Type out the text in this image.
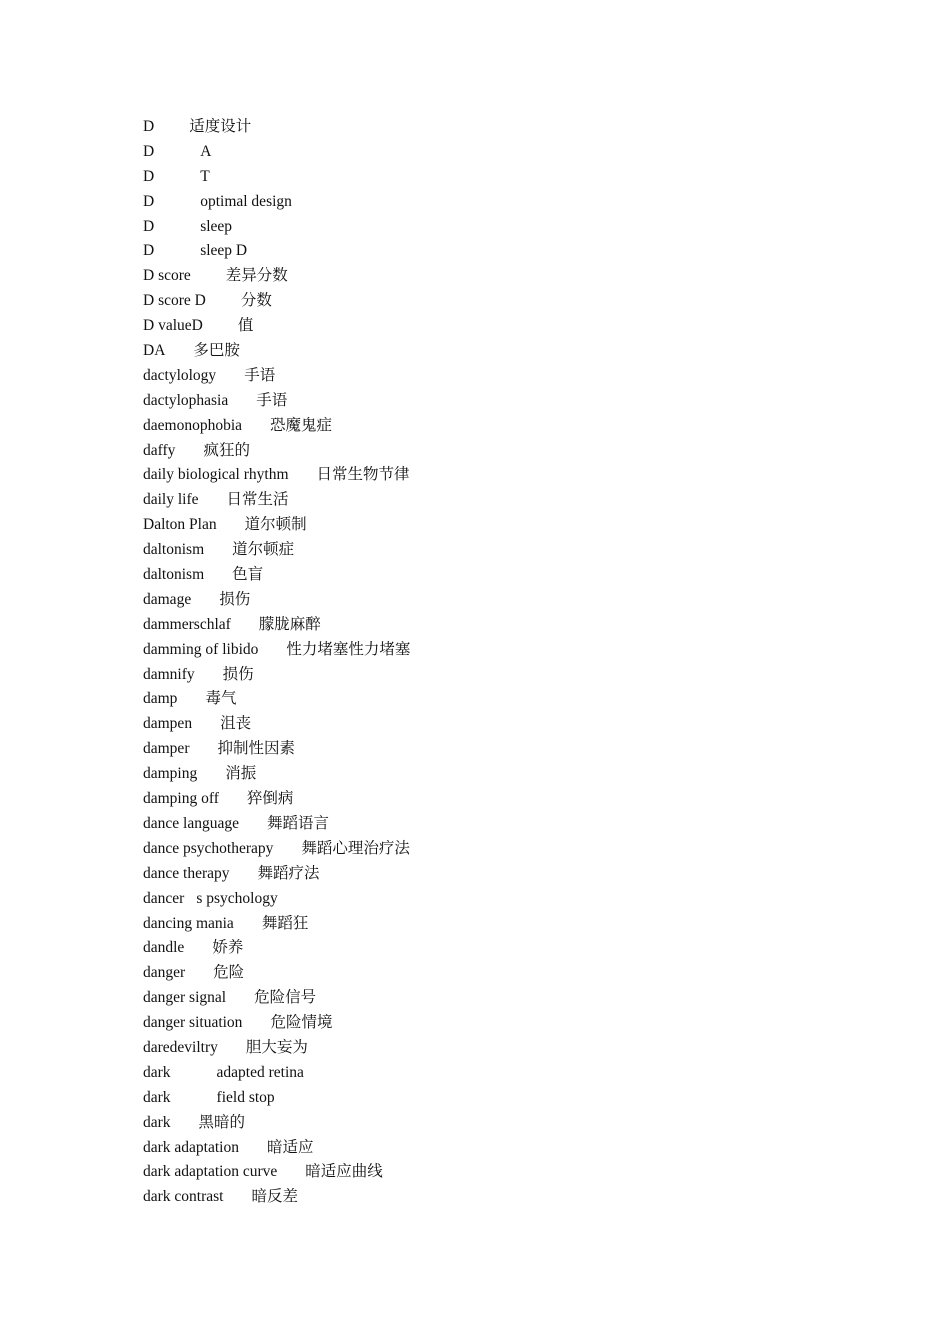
D 适度设计
D	A
D	T
D	optimal design
D	sleep
D	sleep D
D score 差异分数
D score D 分数
D valueD 值
DA 多巴胺
dactylology 手语
dactylophasia 手语
daemonophobia 恐魔鬼症
daffy 疯狂的
daily biological rhythm 日常生物节律
daily life 日常生活
Dalton Plan 道尔顿制
daltonism 道尔顿症
daltonism 色盲
damage 损伤
dammerschlaf 朦胧麻醉
damming of libido 性力堵塞性力堵塞
damnify 损伤
damp 毒气
dampen 沮丧
damper 抑制性因素
damping 消振
damping off 猝倒病
dance language 舞蹈语言
dance psychotherapy 舞蹈心理治疗法
dance therapy 舞蹈疗法
dancer s psychology
dancing mania 舞蹈狂
dandle 娇养
danger 危险
danger signal 危险信号
danger situation 危险情境
daredeviltry 胆大妄为
dark	adapted retina
dark	field stop
dark 黑暗的
dark adaptation 暗适应
dark adaptation curve 暗适应曲线
dark contrast 暗反差
